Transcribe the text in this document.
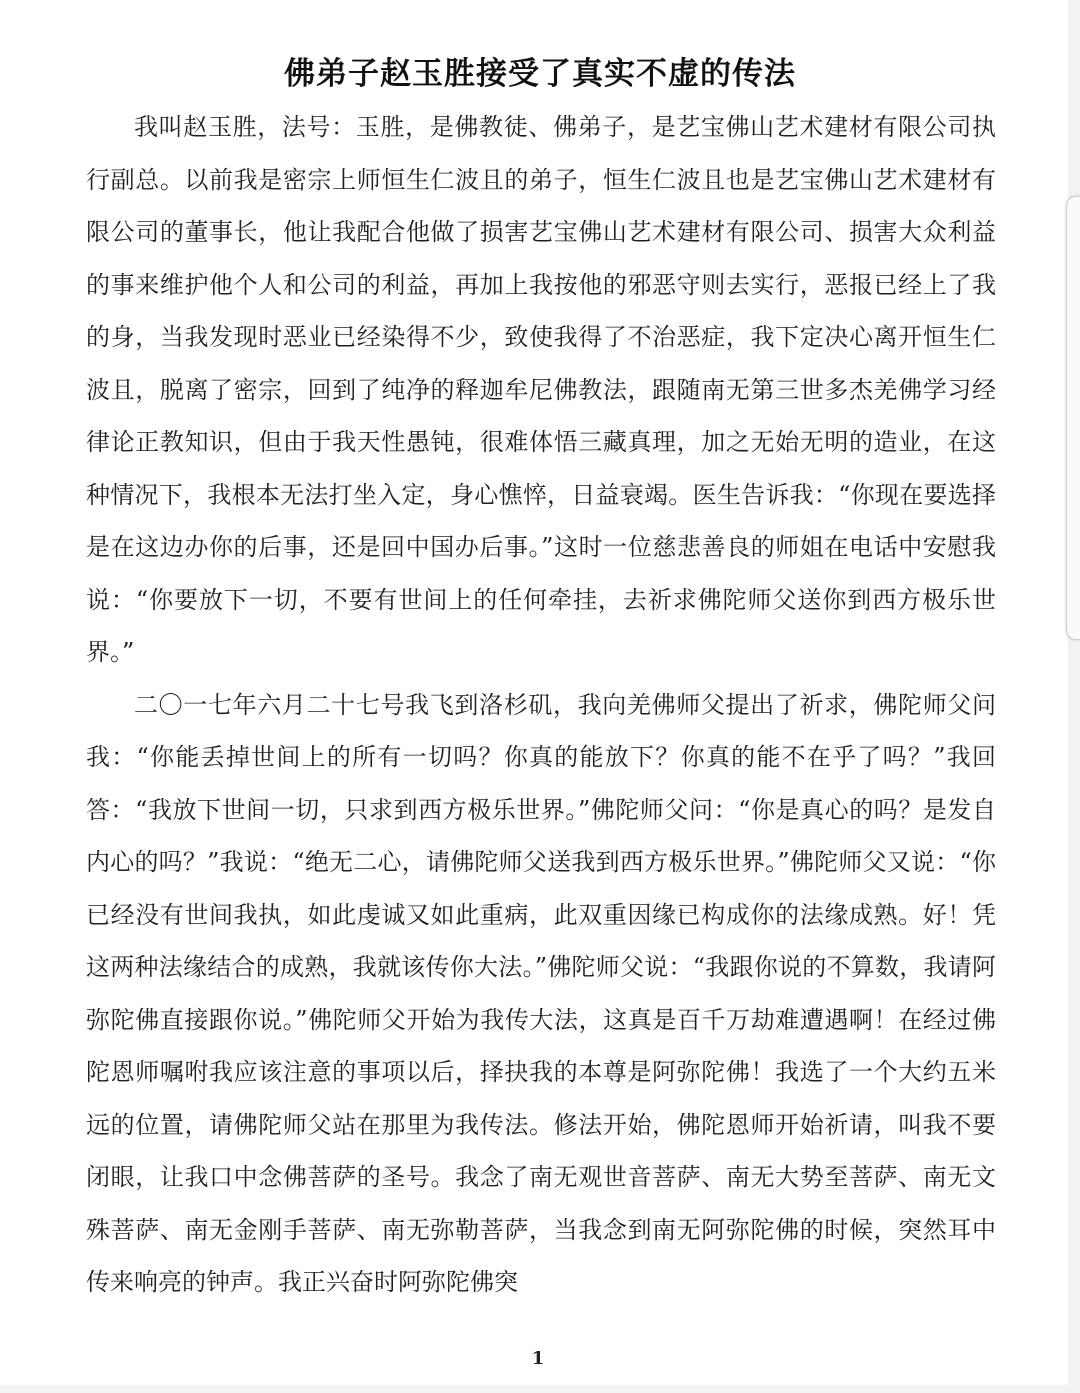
佛弟子赵玉胜接受了真实不虚的传法

我叫赵玉胜，法号：玉胜，是佛教徒、佛弟子，是艺宝佛山艺术建材有限公司执行副总。以前我是密宗上师恒生仁波且的弟子，恒生仁波且也是艺宝佛山艺术建材有限公司的董事长，他让我配合他做了损害艺宝佛山艺术建材有限公司、损害大众利益的事来维护他个人和公司的利益，再加上我按他的邪恶守则去实行，恶报已经上了我的身，当我发现时恶业已经染得不少，致使我得了不治恶症，我下定决心离开恒生仁波且，脱离了密宗，回到了纯净的释迦牟尼佛教法，跟随南无第三世多杰羌佛学习经律论正教知识，但由于我天性愚钝，很难体悟三藏真理，加之无始无明的造业，在这种情况下，我根本无法打坐入定，身心憔悴，日益衰竭。医生告诉我：“你现在要选择是在这边办你的后事，还是回中国办后事。”这时一位慈悲善良的师姐在电话中安慰我说：“你要放下一切，不要有世间上的任何牵挂，去祈求佛陀师父送你到西方极乐世界。”

二〇一七年六月二十七号我飞到洛杉矶，我向羌佛师父提出了祈求，佛陀师父问我：“你能丢掉世间上的所有一切吗？你真的能放下？你真的能不在乎了吗？”我回答：“我放下世间一切，只求到西方极乐世界。”佛陀师父问：“你是真心的吗？是发自内心的吗？”我说：“绝无二心，请佛陀师父送我到西方极乐世界。”佛陀师父又说：“你已经没有世间我执，如此虔诚又如此重病，此双重因缘已构成你的法缘成熟。好！凭这两种法缘结合的成熟，我就该传你大法。”佛陀师父说：“我跟你说的不算数，我请阿弥陀佛直接跟你说。”佛陀师父开始为我传大法，这真是百千万劫难遭遇啊！在经过佛陀恩师嘱咐我应该注意的事项以后，择抉我的本尊是阿弥陀佛！我选了一个大约五米远的位置，请佛陀师父站在那里为我传法。修法开始，佛陀恩师开始祈请，叫我不要闭眼，让我口中念佛菩萨的圣号。我念了南无观世音菩萨、南无大势至菩萨、南无文殊菩萨、南无金刚手菩萨、南无弥勒菩萨，当我念到南无阿弥陀佛的时候，突然耳中传来响亮的钟声。我正兴奋时阿弥陀佛突

1
